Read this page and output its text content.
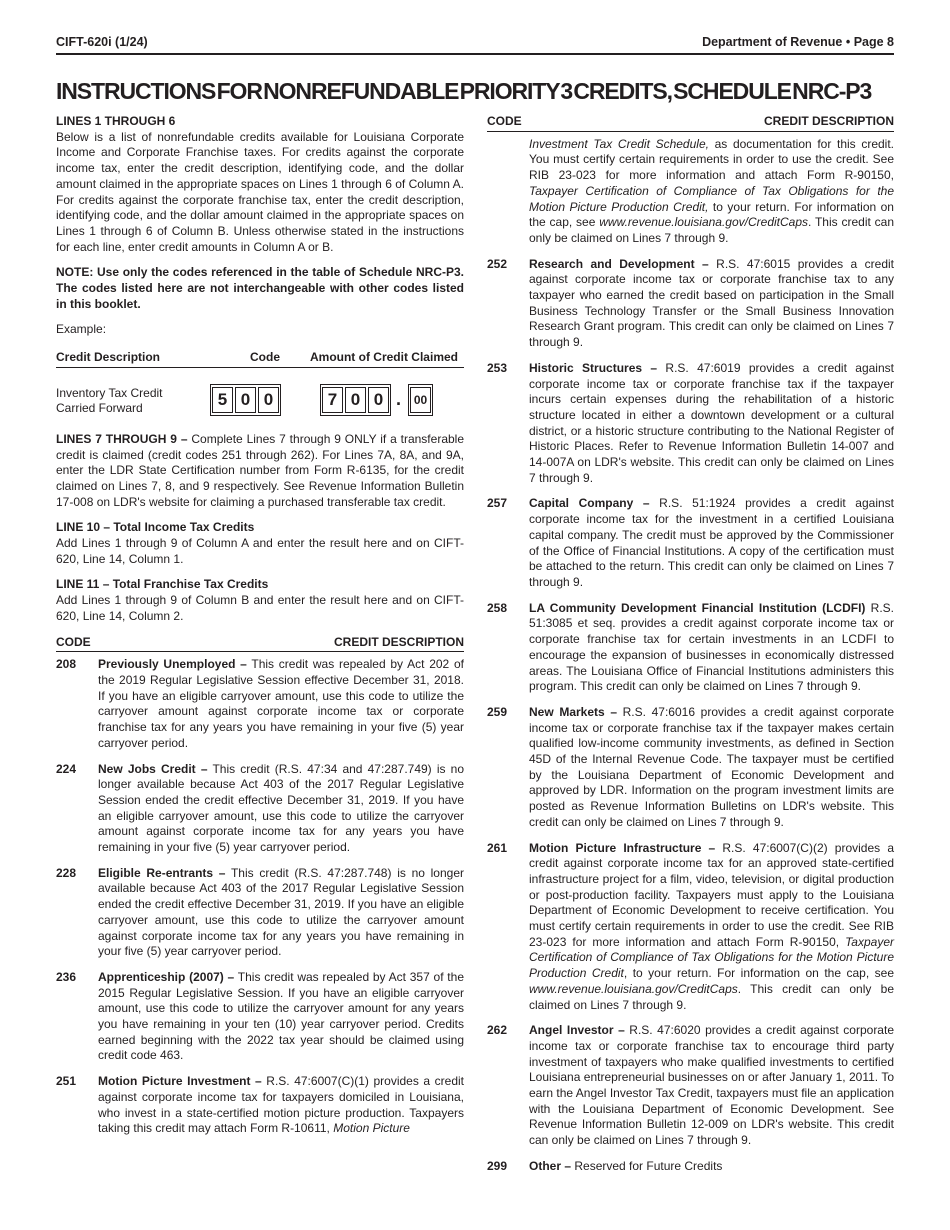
CIFT-620i (1/24)	Department of Revenue • Page 8
INSTRUCTIONS FOR NONREFUNDABLE PRIORITY 3 CREDITS, SCHEDULE NRC-P3
LINES 1 THROUGH 6

Below is a list of nonrefundable credits available for Louisiana Corporate Income and Corporate Franchise taxes. For credits against the corporate income tax, enter the credit description, identifying code, and the dollar amount claimed in the appropriate spaces on Lines 1 through 6 of Column A. For credits against the corporate franchise tax, enter the credit description, identifying code, and the dollar amount claimed in the appropriate spaces on Lines 1 through 6 of Column B. Unless otherwise stated in the instructions for each line, enter credit amounts in Column A or B.

NOTE: Use only the codes referenced in the table of Schedule NRC-P3. The codes listed here are not interchangeable with other codes listed in this booklet.

Example:
Credit Description	Code Amount of Credit Claimed
Inventory Tax Credit
Carried Forward	5 0 0	7 0 0 .	00

LINES 7 THROUGH 9 – Complete Lines 7 through 9 ONLY if a transferable credit is claimed (credit codes 251 through 262). For Lines 7A, 8A, and 9A, enter the LDR State Certification number from Form R-6135, for the credit claimed on Lines 7, 8, and 9 respectively. See Revenue Information Bulletin 17-008 on LDR's website for claiming a purchased transferable tax credit.

LINE 10 – Total Income Tax Credits

Add Lines 1 through 9 of Column A and enter the result here and on CIFT-620, Line 14, Column 1.

LINE 11 – Total Franchise Tax Credits

Add Lines 1 through 9 of Column B and enter the result here and on CIFT-620, Line 14, Column 2.

CODE	CREDIT DESCRIPTION
208	Previously Unemployed – This credit was repealed by Act 202 of the 2019 Regular Legislative Session effective December 31, 2018. If you have an eligible carryover amount, use this code to utilize the carryover amount against corporate income tax or corporate franchise tax for any years you have remaining in your five (5) year carryover period.
224	New Jobs Credit – This credit (R.S. 47:34 and 47:287.749) is no longer available because Act 403 of the 2017 Regular Legislative Session ended the credit effective December 31, 2019. If you have an eligible carryover amount, use this code to utilize the carryover amount against corporate income tax for any years you have remaining in your five (5) year carryover period.
228	Eligible Re-entrants – This credit (R.S. 47:287.748) is no longer available because Act 403 of the 2017 Regular Legislative Session ended the credit effective December 31, 2019. If you have an eligible carryover amount, use this code to utilize the carryover amount against corporate income tax for any years you have remaining in your five (5) year carryover period.
236	Apprenticeship (2007) – This credit was repealed by Act 357 of the 2015 Regular Legislative Session. If you have an eligible carryover amount, use this code to utilize the carryover amount for any years you have remaining in your ten (10) year carryover period. Credits earned beginning with the 2022 tax year should be claimed using credit code 463.
251	Motion Picture Investment – R.S. 47:6007(C)(1) provides a credit against corporate income tax for taxpayers domiciled in Louisiana, who invest in a state-certified motion picture production. Taxpayers taking this credit may attach Form R-10611, Motion Picture
CODE	CREDIT DESCRIPTION
Investment Tax Credit Schedule, as documentation for this credit. You must certify certain requirements in order to use the credit. See RIB 23-023 for more information and attach Form R-90150, Taxpayer Certification of Compliance of Tax Obligations for the Motion Picture Production Credit, to your return. For information on the cap, see www.revenue.louisiana.gov/CreditCaps. This credit can only be claimed on Lines 7 through 9.
252	Research and Development – R.S. 47:6015 provides a credit against corporate income tax or corporate franchise tax to any taxpayer who earned the credit based on participation in the Small Business Technology Transfer or the Small Business Innovation Research Grant program. This credit can only be claimed on Lines 7 through 9.
253	Historic Structures – R.S. 47:6019 provides a credit against corporate income tax or corporate franchise tax if the taxpayer incurs certain expenses during the rehabilitation of a historic structure located in either a downtown development or a cultural district, or a historic structure contributing to the National Register of Historic Places. Refer to Revenue Information Bulletin 14-007 and 14-007A on LDR's website. This credit can only be claimed on Lines 7 through 9.
257	Capital Company – R.S. 51:1924 provides a credit against corporate income tax for the investment in a certified Louisiana capital company. The credit must be approved by the Commissioner of the Office of Financial Institutions. A copy of the certification must be attached to the return. This credit can only be claimed on Lines 7 through 9.
258	LA Community Development Financial Institution (LCDFI) R.S. 51:3085 et seq. provides a credit against corporate income tax or corporate franchise tax for certain investments in an LCDFI to encourage the expansion of businesses in economically distressed areas. The Louisiana Office of Financial Institutions administers this program. This credit can only be claimed on Lines 7 through 9.
259	New Markets – R.S. 47:6016 provides a credit against corporate income tax or corporate franchise tax if the taxpayer makes certain qualified low-income community investments, as defined in Section 45D of the Internal Revenue Code. The taxpayer must be certified by the Louisiana Department of Economic Development and approved by LDR. Information on the program investment limits are posted as Revenue Information Bulletins on LDR's website. This credit can only be claimed on Lines 7 through 9.
261	Motion Picture Infrastructure – R.S. 47:6007(C)(2) provides a credit against corporate income tax for an approved state-certified infrastructure project for a film, video, television, or digital production or post-production facility. Taxpayers must apply to the Louisiana Department of Economic Development to receive certification. You must certify certain requirements in order to use the credit. See RIB 23-023 for more information and attach Form R-90150, Taxpayer Certification of Compliance of Tax Obligations for the Motion Picture Production Credit, to your return. For information on the cap, see www.revenue.louisiana.gov/CreditCaps. This credit can only be claimed on Lines 7 through 9.
262	Angel Investor – R.S. 47:6020 provides a credit against corporate income tax or corporate franchise tax to encourage third party investment of taxpayers who make qualified investments to certified Louisiana entrepreneurial businesses on or after January 1, 2011. To earn the Angel Investor Tax Credit, taxpayers must file an application with the Louisiana Department of Economic Development. See Revenue Information Bulletin 12-009 on LDR's website. This credit can only be claimed on Lines 7 through 9.
299	Other – Reserved for Future Credits
